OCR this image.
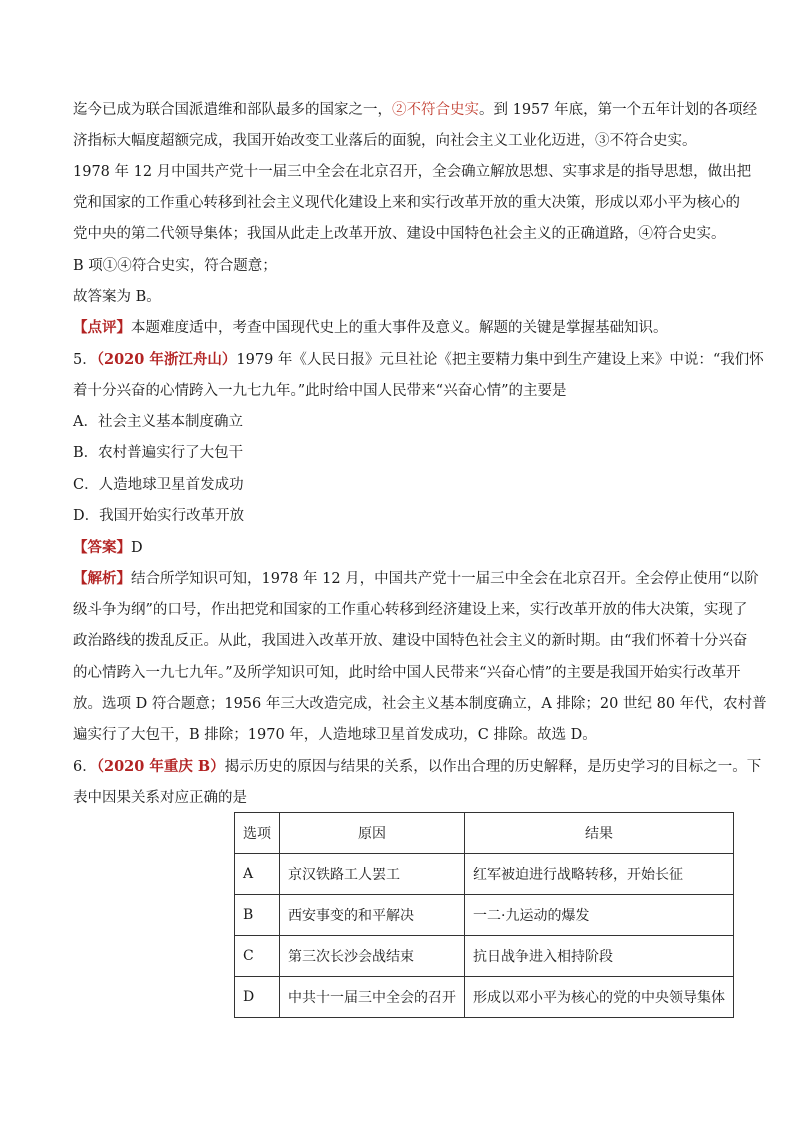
迄今已成为联合国派遣维和部队最多的国家之一，②不符合史实。到 1957 年底，第一个五年计划的各项经
济指标大幅度超额完成，我国开始改变工业落后的面貌，向社会主义工业化迈进，③不符合史实。
1978 年 12 月中国共产党十一届三中全会在北京召开，全会确立解放思想、实事求是的指导思想，做出把
党和国家的工作重心转移到社会主义现代化建设上来和实行改革开放的重大决策，形成以邓小平为核心的
党中央的第二代领导集体；我国从此走上改革开放、建设中国特色社会主义的正确道路，④符合史实。
B 项①④符合史实，符合题意；
故答案为 B。
【点评】本题难度适中，考查中国现代史上的重大事件及意义。解题的关键是掌握基础知识。
5．（2020 年浙江舟山）1979 年《人民日报》元旦社论《把主要精力集中到生产建设上来》中说：“我们怀
着十分兴奋的心情跨入一九七九年。”此时给中国人民带来“兴奋心情”的主要是
A．社会主义基本制度确立
B．农村普遍实行了大包干
C．人造地球卫星首发成功
D．我国开始实行改革开放
【答案】D
【解析】结合所学知识可知，1978 年 12 月，中国共产党十一届三中全会在北京召开。全会停止使用“以阶
级斗争为纲”的口号，作出把党和国家的工作重心转移到经济建设上来，实行改革开放的伟大决策，实现了
政治路线的拨乱反正。从此，我国进入改革开放、建设中国特色社会主义的新时期。由“我们怀着十分兴奋
的心情跨入一九七九年。”及所学知识可知，此时给中国人民带来“兴奋心情”的主要是我国开始实行改革开
放。选项 D 符合题意；1956 年三大改造完成，社会主义基本制度确立，A 排除；20 世纪 80 年代，农村普
遍实行了大包干，B 排除；1970 年，人造地球卫星首发成功，C 排除。故选 D。
6．（2020 年重庆 B）揭示历史的原因与结果的关系，以作出合理的历史解释，是历史学习的目标之一。下
表中因果关系对应正确的是
选项	原因	结果
A	京汉铁路工人罢工	红军被迫进行战略转移，开始长征
B	西安事变的和平解决	一二·九运动的爆发
C	第三次长沙会战结束	抗日战争进入相持阶段
D	中共十一届三中全会的召开	形成以邓小平为核心的党的中央领导集体
